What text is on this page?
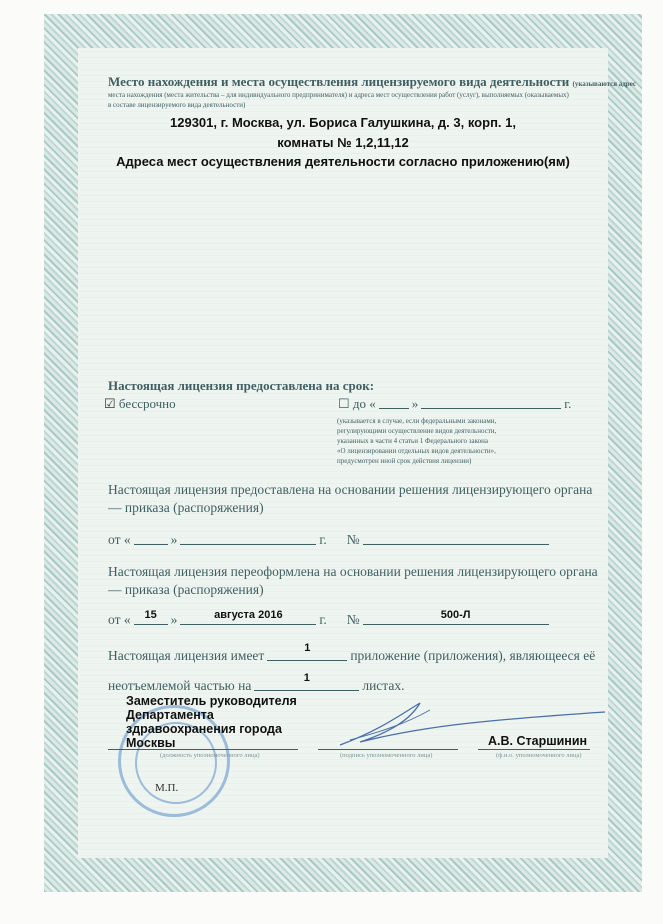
Место нахождения и места осуществления лицензируемого вида деятельности (указываются адрес
места нахождения (места жительства – для индивидуального предпринимателя) и адреса мест осуществления работ (услуг), выполняемых (оказываемых)
в составе лицензируемого вида деятельности)
129301, г. Москва, ул. Бориса Галушкина, д. 3, корп. 1,
комнаты № 1,2,11,12
Адреса мест осуществления деятельности согласно приложению(ям)
Настоящая лицензия предоставлена на срок:
☑ бессрочно	☐ до «	»	г.
(указывается в случае, если федеральными законами,
регулирующими осуществление видов деятельности,
указанных в части 4 статьи 1 Федерального закона
«О лицензировании отдельных видов деятельности»,
предусмотрен иной срок действия лицензии)
Настоящая лицензия предоставлена на основании решения лицензирующего органа
— приказа (распоряжения)
от «	»	г. №
Настоящая лицензия переоформлена на основании решения лицензирующего органа
— приказа (распоряжения)
от «	15	»	августа 2016	г. №	500-Л
Настоящая лицензия имеет	1	приложение (приложения), являющееся её
неотъемлемой частью на	1	листах.
Заместитель руководителя
Департамента
здравоохранения города
Москвы
(должность уполномоченного лица)	(подпись уполномоченного лица)
А.В. Старшинин
(ф.и.о. уполномоченного лица)
М.П.
